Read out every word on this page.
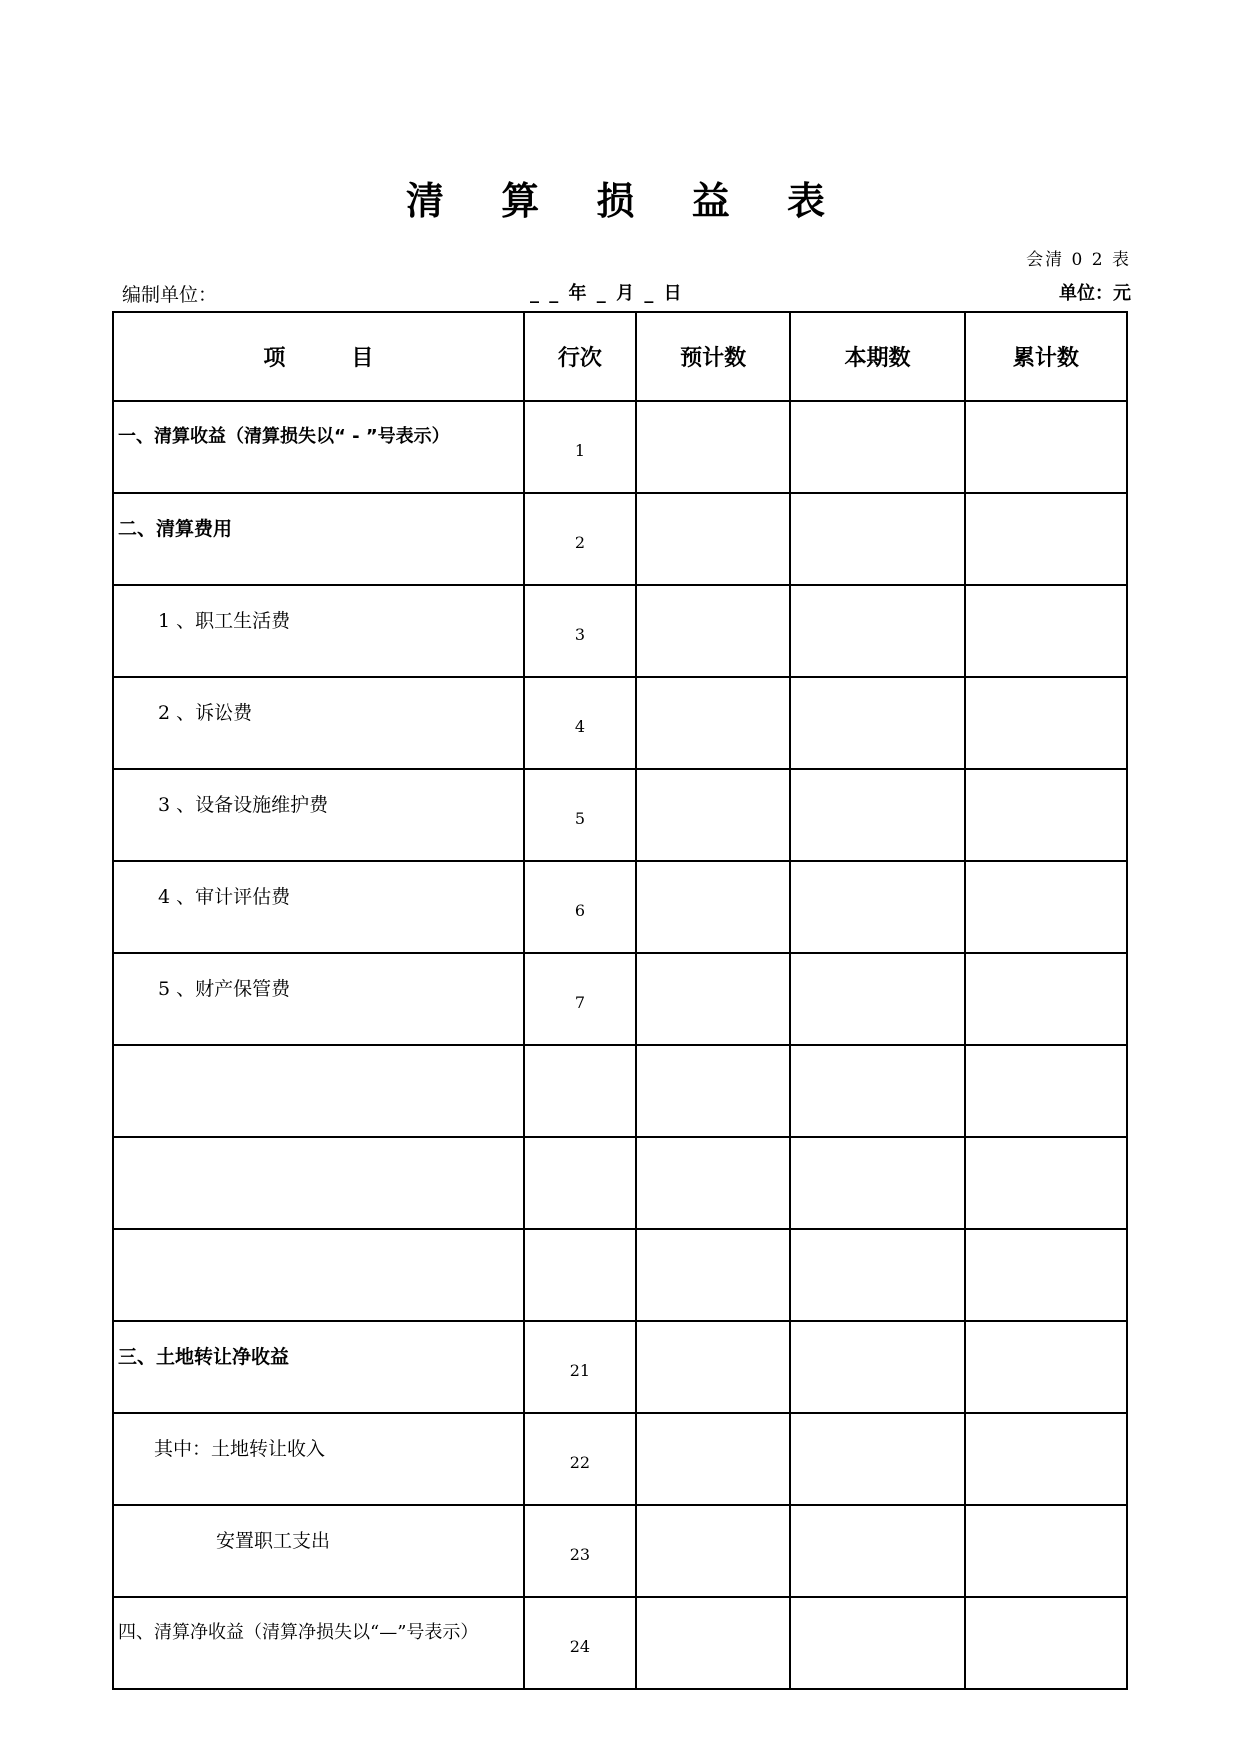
清 算 损 益 表
会清 0 2 表
编制单位：	_ _ 年 _ 月 _ 日	单位：元
项　　　目	行次	预计数	本期数	累计数
一、清算收益（清算损失以“ - ”号表示）	1			
二、清算费用	2			
1 、职工生活费	3			
2 、诉讼费	4			
3 、设备设施维护费	5			
4 、审计评估费	6			
5 、财产保管费	7			

三、土地转让净收益	21			
其中：土地转让收入	22			
安置职工支出	23			
四、清算净收益（清算净损失以“—”号表示）	24			
